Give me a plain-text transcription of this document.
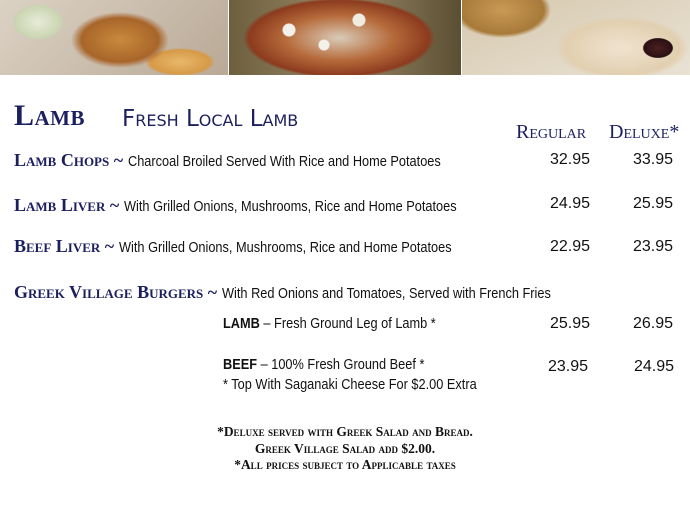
Lamb Fresh Local Lamb	Regular Deluxe*
Lamb Chops ~ Charcoal Broiled Served With Rice and Home Potatoes	32.95	33.95
Lamb Liver ~ With Grilled Onions, Mushrooms, Rice and Home Potatoes	24.95	25.95
Beef Liver ~ With Grilled Onions, Mushrooms, Rice and Home Potatoes	22.95	23.95
Greek Village Burgers ~ With Red Onions and Tomatoes, Served with French Fries
LAMB – Fresh Ground Leg of Lamb *	25.95	26.95
BEEF – 100% Fresh Ground Beef *	23.95	24.95
* Top With Saganaki Cheese For $2.00 Extra
*Deluxe served with Greek Salad and Bread.
Greek Village Salad add $2.00.
*All prices subject to Applicable taxes
